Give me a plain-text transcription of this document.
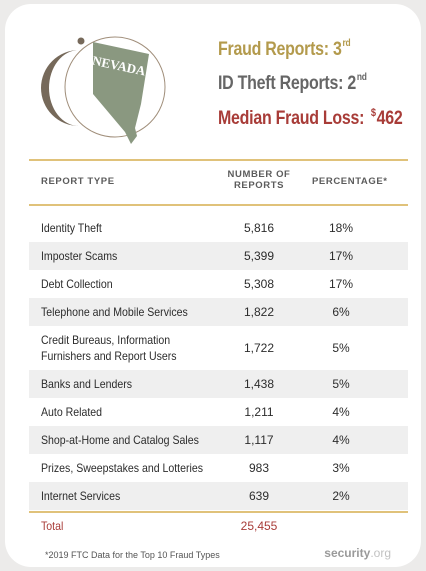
NEVADA
Fraud Reports: 3rd
ID Theft Reports: 2nd
Median Fraud Loss: $462
REPORT TYPE
NUMBER OF
REPORTS	PERCENTAGE*
Identity Theft	5,816	18%
Imposter Scams	5,399	17%
Debt Collection	5,308	17%
Telephone and Mobile Services	1,822	6%
Credit Bureaus, Information Furnishers and Report Users
1,722	5%
Banks and Lenders	1,438	5%
Auto Related	1,211	4%
Shop-at-Home and Catalog Sales	1,117	4%
Prizes, Sweepstakes and Lotteries	983	3%
Internet Services	639	2%
Total	25,455
*2019 FTC Data for the Top 10 Fraud Types	security.org
